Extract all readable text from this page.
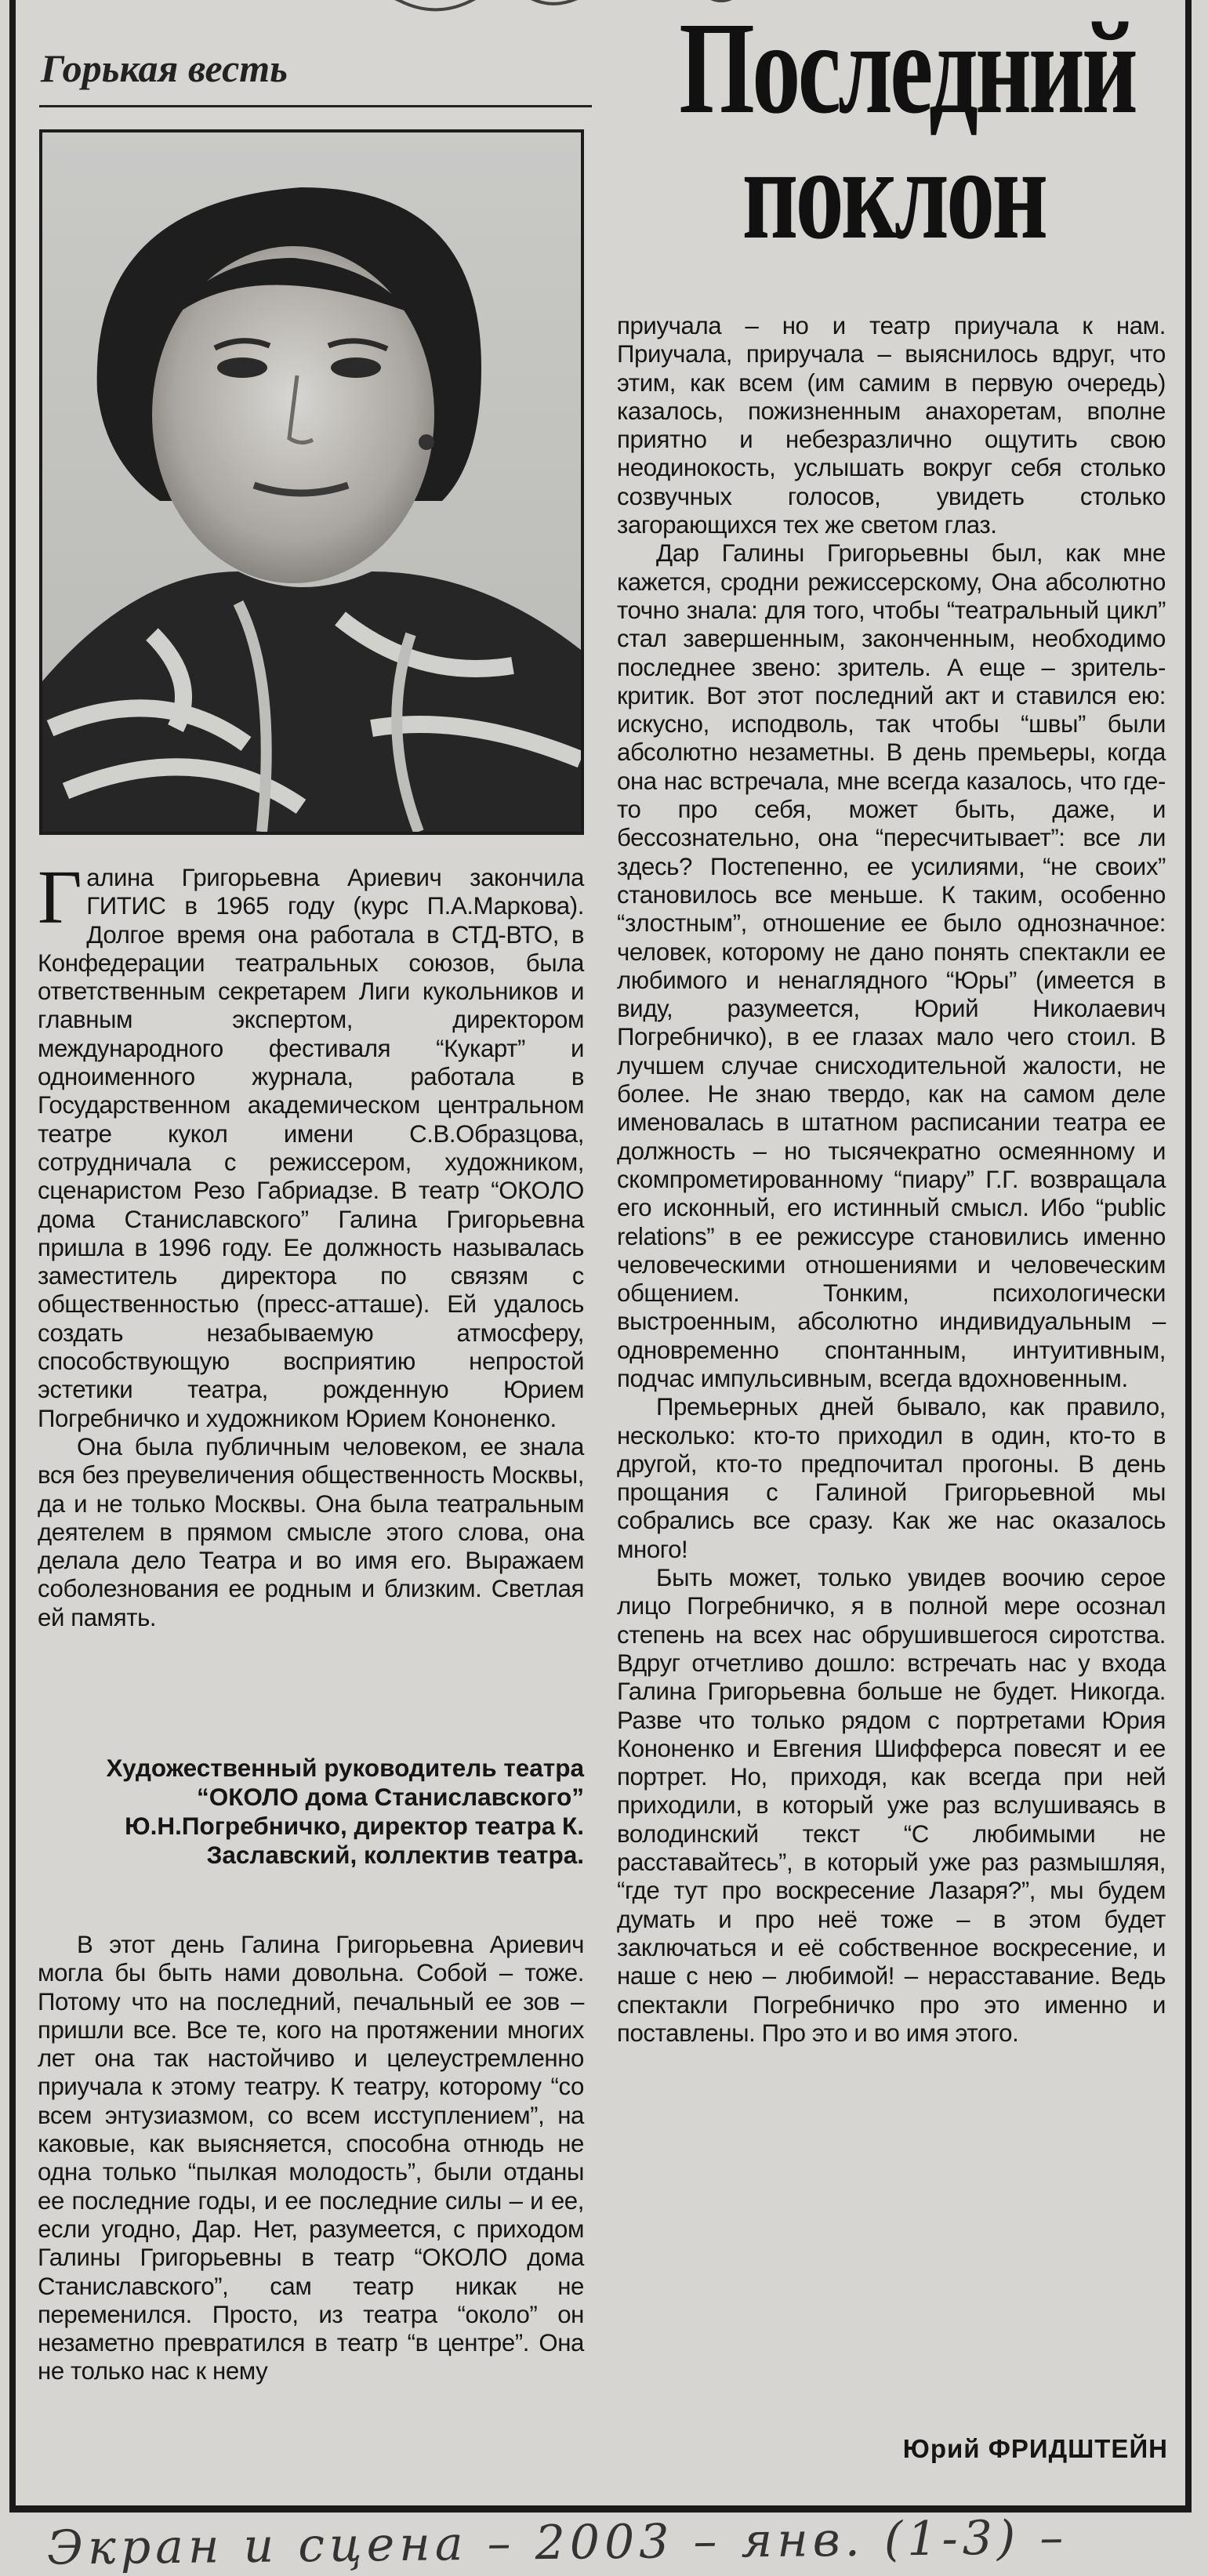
Горькая весть	Последний
поклон

Галина Григорьевна Ариевич закончила ГИТИС в 1965 году (курс П.А.Маркова). Долгое время она работала в СТД-ВТО, в Конфедерации театральных союзов, была ответственным секретарем Лиги кукольников и главным экспертом, директором международного фестиваля “Кукарт” и одноименного журнала, работала в Государственном академическом центральном театре кукол имени С.В.Образцова, сотрудничала с режиссером, художником, сценаристом Резо Габриадзе. В театр “ОКОЛО дома Станиславского” Галина Григорьевна пришла в 1996 году. Ее должность называлась заместитель директора по связям с общественностью (пресс-атташе). Ей удалось создать незабываемую атмосферу, способствующую восприятию непростой эстетики театра, рожденную Юрием Погребничко и художником Юрием Кононенко.

Она была публичным человеком, ее знала вся без преувеличения общественность Москвы, да и не только Москвы. Она была театральным деятелем в прямом смысле этого слова, она делала дело Театра и во имя его. Выражаем соболезнования ее родным и близким. Светлая ей память.

Художественный руководитель театра “ОКОЛО дома Станиславского” Ю.Н.Погребничко, директор театра К. Заславский, коллектив театра.

В этот день Галина Григорьевна Ариевич могла бы быть нами довольна. Собой – тоже. Потому что на последний, печальный ее зов – пришли все. Все те, кого на протяжении многих лет она так настойчиво и целеустремленно приучала к этому театру. К театру, которому “со всем энтузиазмом, со всем исступлением”, на каковые, как выясняется, способна отнюдь не одна только “пылкая молодость”, были отданы ее последние годы, и ее последние силы – и ее, если угодно, Дар. Нет, разумеется, с приходом Галины Григорьевны в театр “ОКОЛО дома Станиславского”, сам театр никак не переменился. Просто, из театра “около” он незаметно превратился в театр “в центре”. Она не только нас к нему

приучала – но и театр приучала к нам. Приучала, приручала – выяснилось вдруг, что этим, как всем (им самим в первую очередь) казалось, пожизненным анахоретам, вполне приятно и небезразлично ощутить свою неодинокость, услышать вокруг себя столько созвучных голосов, увидеть столько загорающихся тех же светом глаз.

Дар Галины Григорьевны был, как мне кажется, сродни режиссерскому, Она абсолютно точно знала: для того, чтобы “театральный цикл” стал завершенным, законченным, необходимо последнее звено: зритель. А еще – зритель-критик. Вот этот последний акт и ставился ею: искусно, исподволь, так чтобы “швы” были абсолютно незаметны. В день премьеры, когда она нас встречала, мне всегда казалось, что где-то про себя, может быть, даже, и бессознательно, она “пересчитывает”: все ли здесь? Постепенно, ее усилиями, “не своих” становилось все меньше. К таким, особенно “злостным”, отношение ее было однозначное: человек, которому не дано понять спектакли ее любимого и ненаглядного “Юры” (имеется в виду, разумеется, Юрий Николаевич Погребничко), в ее глазах мало чего стоил. В лучшем случае снисходительной жалости, не более. Не знаю твердо, как на самом деле именовалась в штатном расписании театра ее должность – но тысячекратно осмеянному и скомпрометированному “пиару” Г.Г. возвращала его исконный, его истинный смысл. Ибо “public relations” в ее режиссуре становились именно человеческими отношениями и человеческим общением. Тонким, психологически выстроенным, абсолютно индивидуальным – одновременно спонтанным, интуитивным, подчас импульсивным, всегда вдохновенным.

Премьерных дней бывало, как правило, несколько: кто-то приходил в один, кто-то в другой, кто-то предпочитал прогоны. В день прощания с Галиной Григорьевной мы собрались все сразу. Как же нас оказалось много!

Быть может, только увидев воочию серое лицо Погребничко, я в полной мере осознал степень на всех нас обрушившегося сиротства. Вдруг отчетливо дошло: встречать нас у входа Галина Григорьевна больше не будет. Никогда. Разве что только рядом с портретами Юрия Кононенко и Евгения Шифферса повесят и ее портрет. Но, приходя, как всегда при ней приходили, в который уже раз вслушиваясь в володинский текст “С любимыми не расставайтесь”, в который уже раз размышляя, “где тут про воскресение Лазаря?”, мы будем думать и про неё тоже – в этом будет заключаться и её собственное воскресение, и наше с нею – любимой! – нерасставание. Ведь спектакли Погребничко про это именно и поставлены. Про это и во имя этого.

Юрий ФРИДШТЕЙН

Экран и сцена – 2003 – янв. (1-3) –
